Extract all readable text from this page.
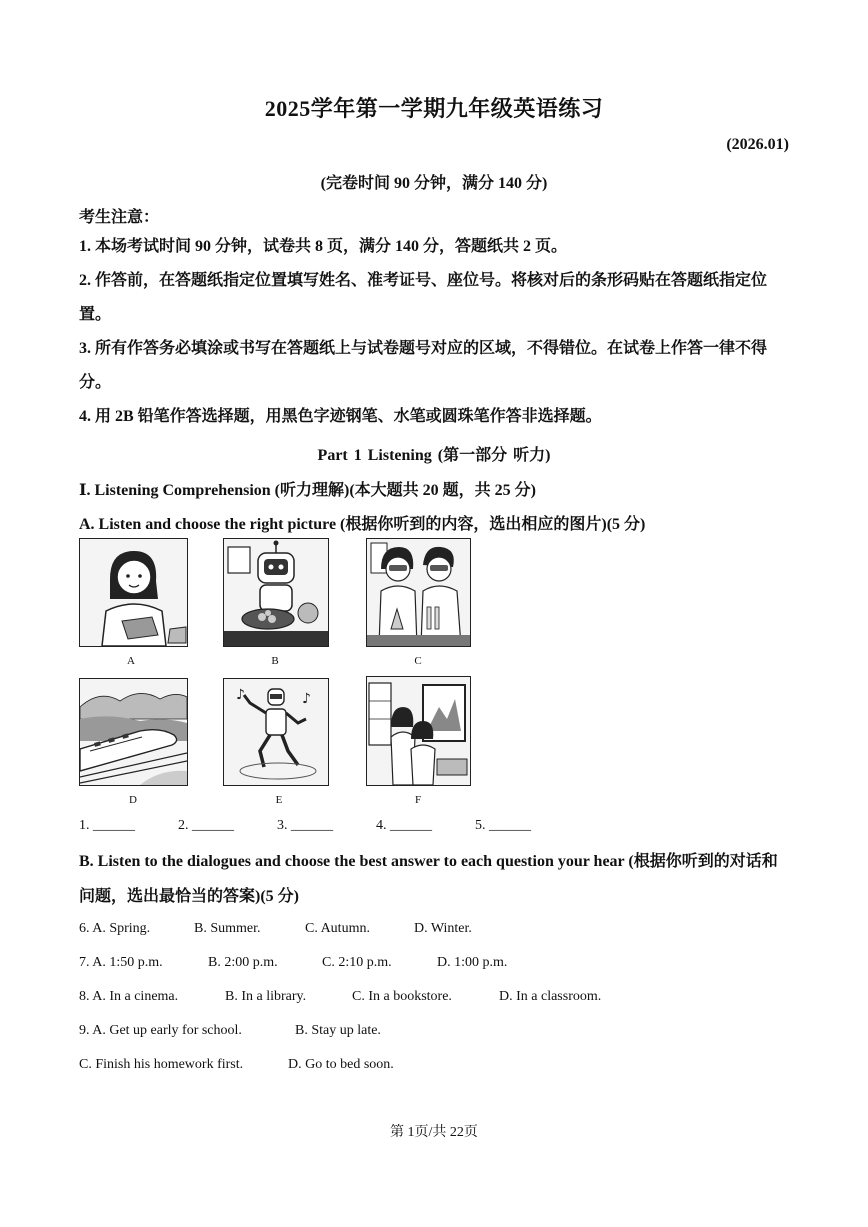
2025学年第一学期九年级英语练习
(2026.01)
(完卷时间 90 分钟，满分 140 分)
考生注意：
1. 本场考试时间 90 分钟，试卷共 8 页，满分 140 分，答题纸共 2 页。
2. 作答前，在答题纸指定位置填写姓名、准考证号、座位号。将核对后的条形码贴在答题纸指定位置。
3. 所有作答务必填涂或书写在答题纸上与试卷题号对应的区域，不得错位。在试卷上作答一律不得分。
4. 用 2B 铅笔作答选择题，用黑色字迹钢笔、水笔或圆珠笔作答非选择题。
Part 1 Listening (第一部分 听力)
Ⅰ. Listening Comprehension (听力理解)(本大题共 20 题，共 25 分)
A. Listen and choose the right picture (根据你听到的内容，选出相应的图片)(5 分)
A	B	C
D
♪	♪
E	F
1. ______	2. ______	3. ______	4. ______	5. ______
B. Listen to the dialogues and choose the best answer to each question your hear (根据你听到的对话和问题，选出最恰当的答案)(5 分)
6. A. Spring.	B. Summer.	C. Autumn.	D. Winter.
7. A. 1:50 p.m.	B. 2:00 p.m.	C. 2:10 p.m.	D. 1:00 p.m.
8. A. In a cinema.	B. In a library.	C. In a bookstore.	D. In a classroom.
9. A. Get up early for school.	B. Stay up late.
C. Finish his homework first.	D. Go to bed soon.
第 1页/共 22页
